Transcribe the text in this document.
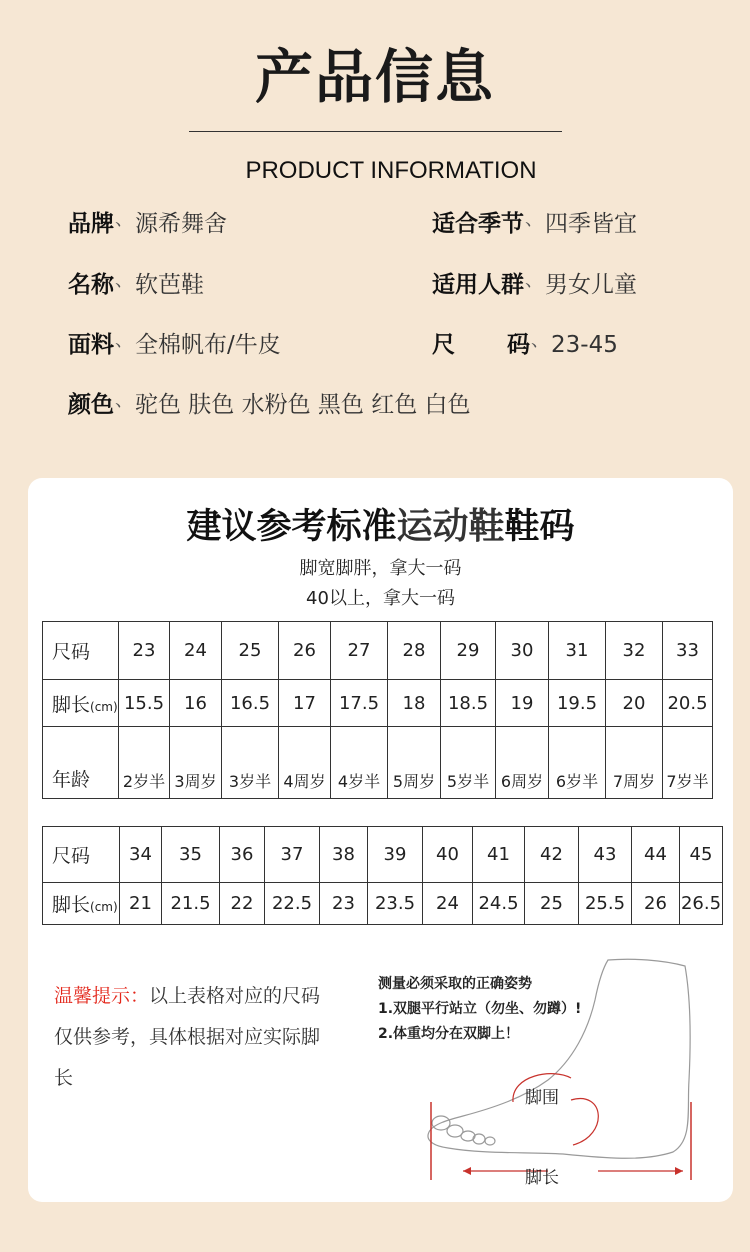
产品信息
PRODUCT INFORMATION
品牌、源希舞舍	适合季节、四季皆宜
名称、软芭鞋	适用人群、男女儿童
面料、全棉帆布/牛皮	尺 码、23-45
颜色、驼色 肤色 水粉色 黑色 红色 白色
建议参考标准运动鞋鞋码
脚宽脚胖，拿大一码
40以上，拿大一码
尺码	23	24	25	26	27	28	29	30	31	32	33
脚长(cm)	15.5	16	16.5	17	17.5	18	18.5	19	19.5	20	20.5
年龄	2岁半	3周岁	3岁半	4周岁	4岁半	5周岁	5岁半	6周岁	6岁半	7周岁	7岁半
尺码	34	35	36	37	38	39	40	41	42	43	44	45
脚长(cm)	21	21.5	22	22.5	23	23.5	24	24.5	25	25.5	26	26.5
温馨提示：以上表格对应的尺码仅供参考，具体根据对应实际脚长
测量必须采取的正确姿势
1.双腿平行站立（勿坐、勿蹲）!
2.体重均分在双脚上！
脚围
脚长
